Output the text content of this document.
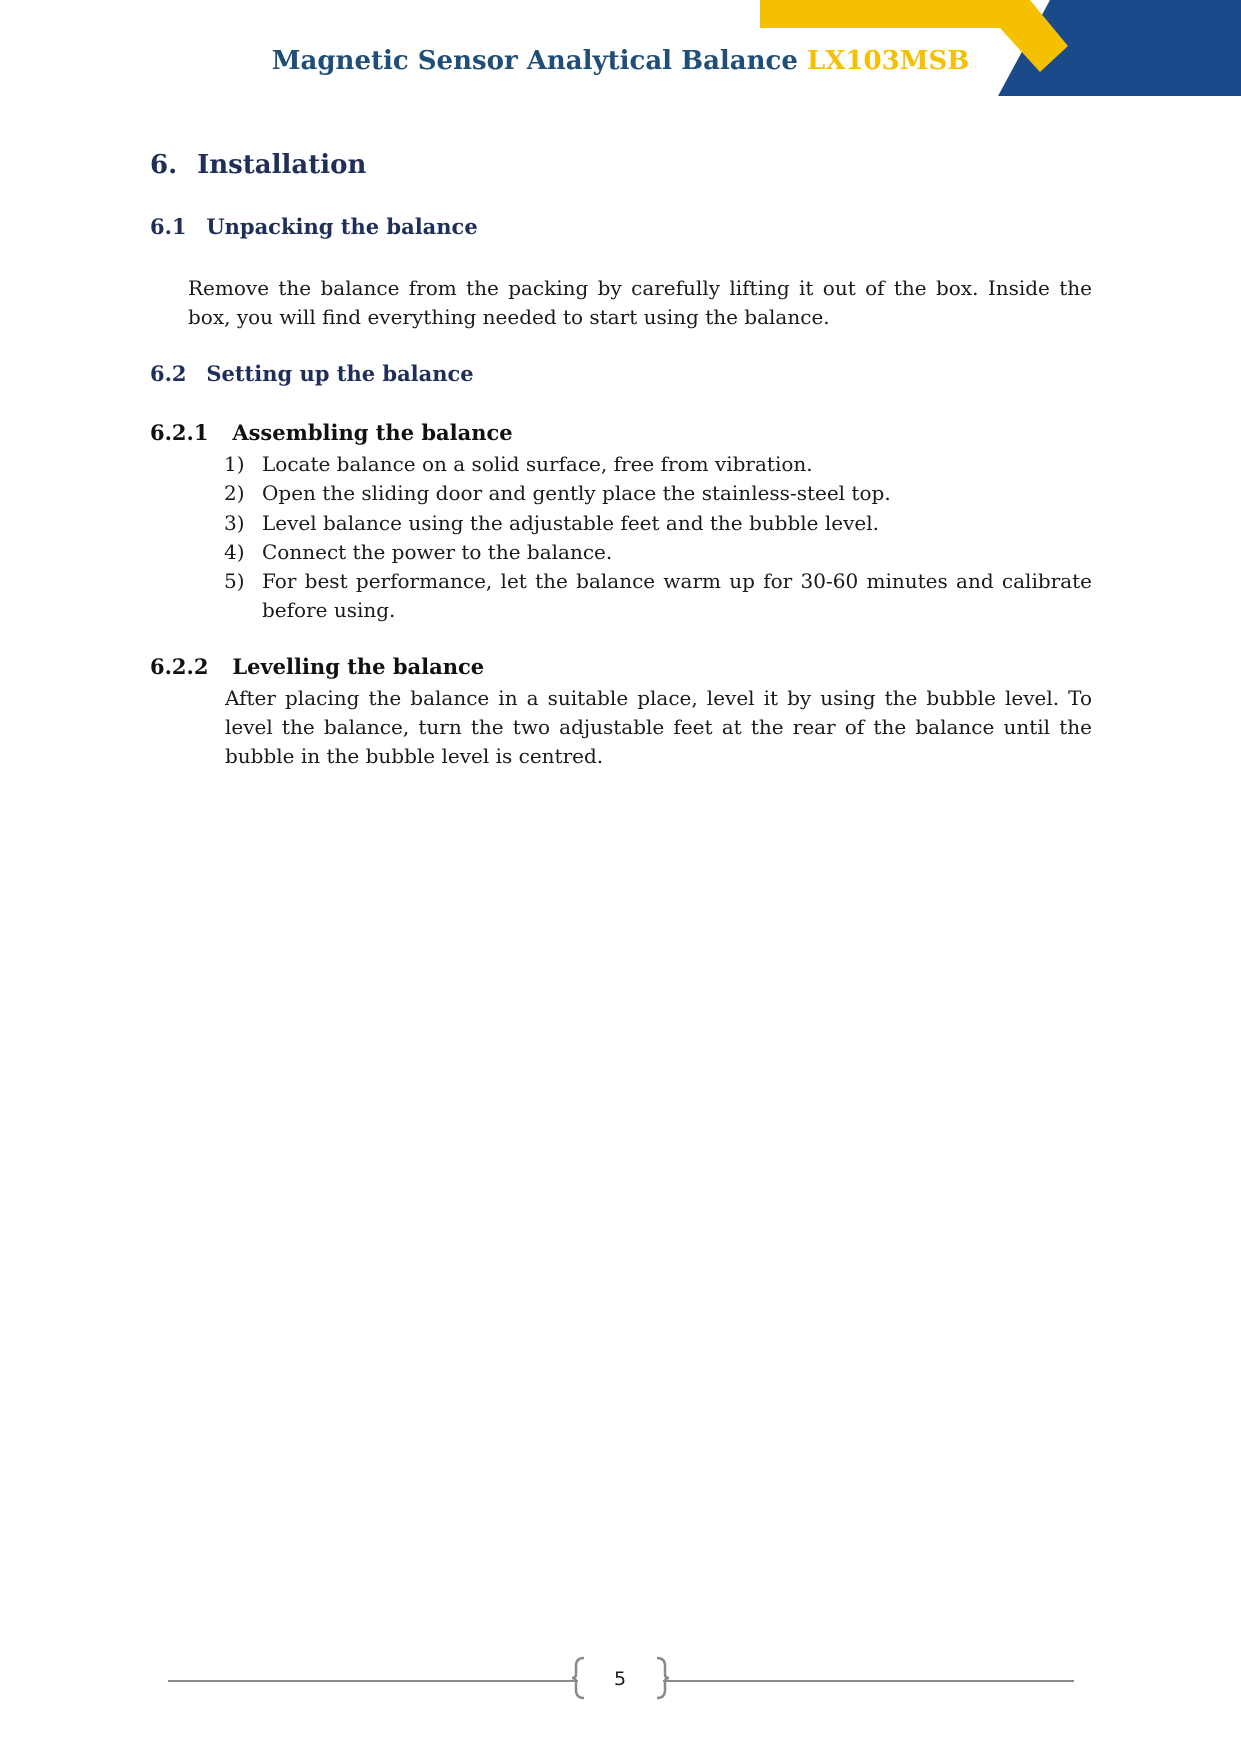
Magnetic Sensor Analytical Balance LX103MSB
6. Installation
6.1 Unpacking the balance
Remove the balance from the packing by carefully lifting it out of the box. Inside the box, you will find everything needed to start using the balance.
6.2 Setting up the balance
6.2.1 Assembling the balance
1) Locate balance on a solid surface, free from vibration.
2) Open the sliding door and gently place the stainless-steel top.
3) Level balance using the adjustable feet and the bubble level.
4) Connect the power to the balance.
5) For best performance, let the balance warm up for 30-60 minutes and calibrate before using.
6.2.2 Levelling the balance
After placing the balance in a suitable place, level it by using the bubble level. To level the balance, turn the two adjustable feet at the rear of the balance until the bubble in the bubble level is centred.
5
